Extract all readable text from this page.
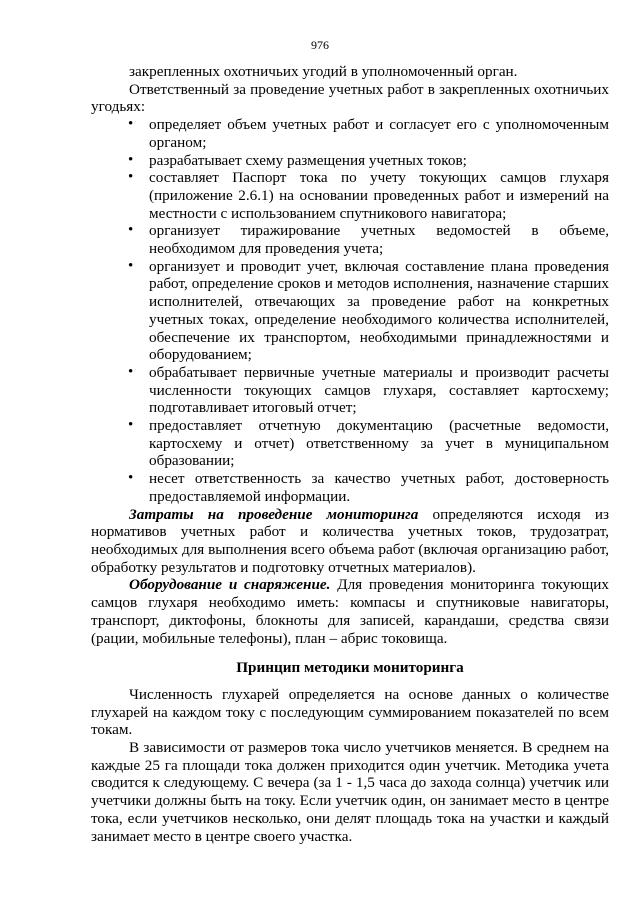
976

закрепленных охотничьих угодий в уполномоченный орган.

Ответственный за проведение учетных работ в закрепленных охотничьих угодьях:

• определяет объем учетных работ и согласует его с уполномоченным органом;
• разрабатывает схему размещения учетных токов;
• составляет Паспорт тока по учету токующих самцов глухаря (приложение 2.6.1) на основании проведенных работ и измерений на местности с использованием спутникового навигатора;
• организует тиражирование учетных ведомостей в объеме, необходимом для проведения учета;
• организует и проводит учет, включая составление плана проведения работ, определение сроков и методов исполнения, назначение старших исполнителей, отвечающих за проведение работ на конкретных учетных токах, определение необходимого количества исполнителей, обеспечение их транспортом, необходимыми принадлежностями и оборудованием;
• обрабатывает первичные учетные материалы и производит расчеты численности токующих самцов глухаря, составляет картосхему; подготавливает итоговый отчет;
• предоставляет отчетную документацию (расчетные ведомости, картосхему и отчет) ответственному за учет в муниципальном образовании;
• несет ответственность за качество учетных работ, достоверность предоставляемой информации.

Затраты на проведение мониторинга определяются исходя из нормативов учетных работ и количества учетных токов, трудозатрат, необходимых для выполнения всего объема работ (включая организацию работ, обработку результатов и подготовку отчетных материалов).

Оборудование и снаряжение. Для проведения мониторинга токующих самцов глухаря необходимо иметь: компасы и спутниковые навигаторы, транспорт, диктофоны, блокноты для записей, карандаши, средства связи (рации, мобильные телефоны), план – абрис токовища.

Принцип методики мониторинга

Численность глухарей определяется на основе данных о количестве глухарей на каждом току с последующим суммированием показателей по всем токам.

В зависимости от размеров тока число учетчиков меняется. В среднем на каждые 25 га площади тока должен приходится один учетчик. Методика учета сводится к следующему. С вечера (за 1 - 1,5 часа до захода солнца) учетчик или учетчики должны быть на току. Если учетчик один, он занимает место в центре тока, если учетчиков несколько, они делят площадь тока на участки и каждый занимает место в центре своего участка.
